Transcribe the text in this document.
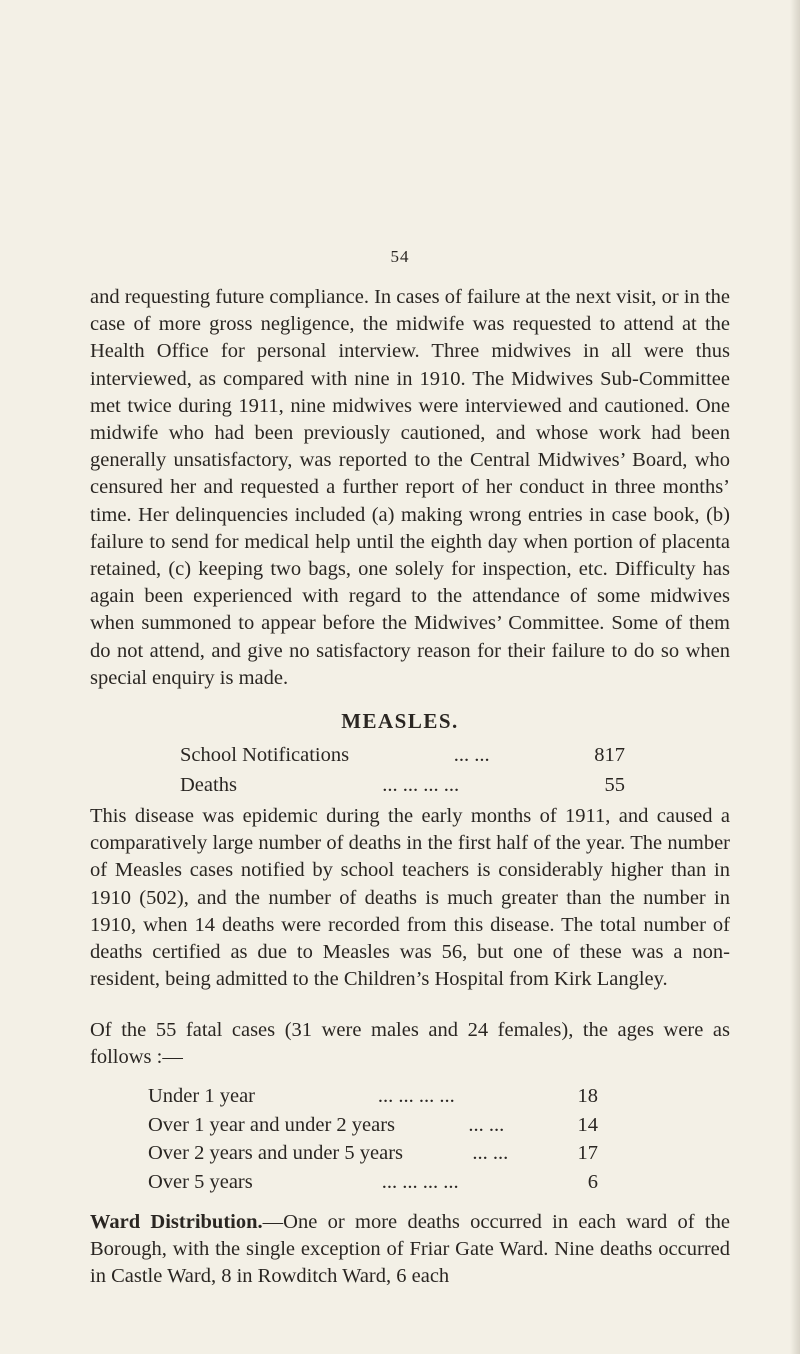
54

and requesting future compliance. In cases of failure at the next visit, or in the case of more gross negligence, the midwife was requested to attend at the Health Office for personal interview. Three midwives in all were thus interviewed, as compared with nine in 1910. The Midwives Sub-Committee met twice during 1911, nine midwives were interviewed and cautioned. One midwife who had been previously cautioned, and whose work had been generally unsatisfactory, was reported to the Central Midwives’ Board, who censured her and requested a further report of her conduct in three months’ time. Her delinquencies included (a) making wrong entries in case book, (b) failure to send for medical help until the eighth day when portion of placenta retained, (c) keeping two bags, one solely for inspection, etc. Difficulty has again been experienced with regard to the attendance of some midwives when summoned to appear before the Midwives’ Committee. Some of them do not attend, and give no satisfactory reason for their failure to do so when special enquiry is made.

MEASLES.
School Notifications	... ...	817
Deaths	... ... ... ...	55

This disease was epidemic during the early months of 1911, and caused a comparatively large number of deaths in the first half of the year. The number of Measles cases notified by school teachers is considerably higher than in 1910 (502), and the number of deaths is much greater than the number in 1910, when 14 deaths were recorded from this disease. The total number of deaths certified as due to Measles was 56, but one of these was a non-resident, being admitted to the Children’s Hospital from Kirk Langley.

Of the 55 fatal cases (31 were males and 24 females), the ages were as follows :—

Under 1 year	... ... ... ...	18
Over 1 year and under 2 years	... ...	14
Over 2 years and under 5 years	... ...	17
Over 5 years	... ... ... ...	6

Ward Distribution.—One or more deaths occurred in each ward of the Borough, with the single exception of Friar Gate Ward. Nine deaths occurred in Castle Ward, 8 in Rowditch Ward, 6 each
